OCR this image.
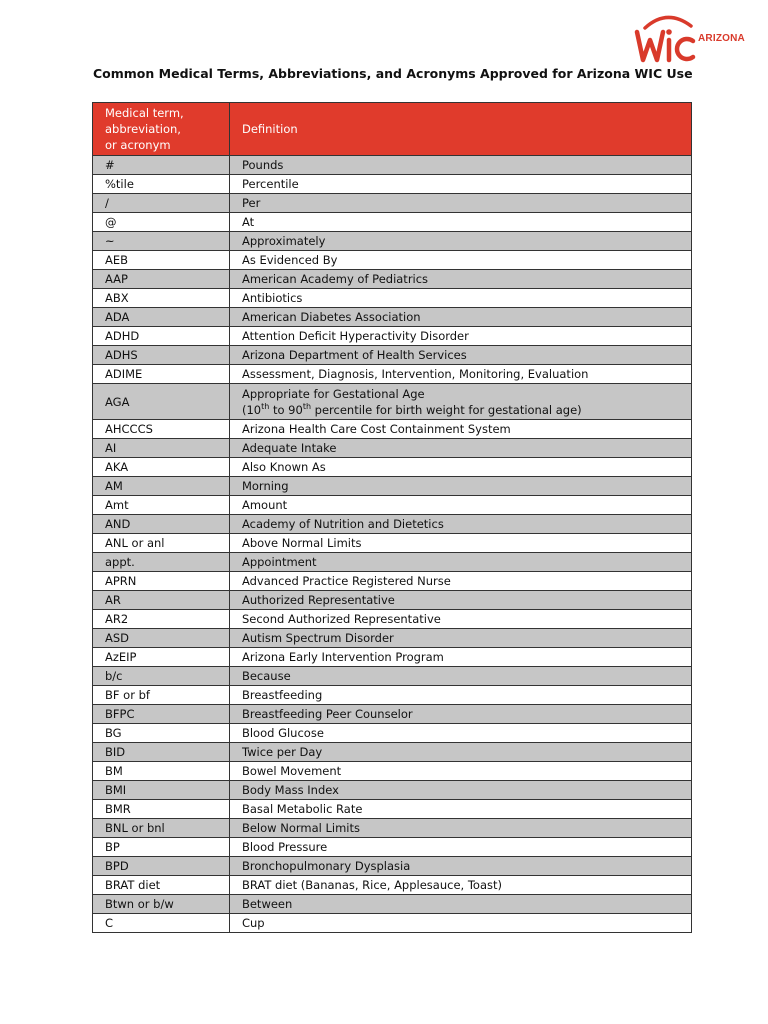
ARIZONA
Common Medical Terms, Abbreviations, and Acronyms Approved for Arizona WIC Use
Medical term, abbreviation, or acronym	Definition
#	Pounds
%tile	Percentile
/	Per
@	At
~	Approximately
AEB	As Evidenced By
AAP	American Academy of Pediatrics
ABX	Antibiotics
ADA	American Diabetes Association
ADHD	Attention Deficit Hyperactivity Disorder
ADHS	Arizona Department of Health Services
ADIME	Assessment, Diagnosis, Intervention, Monitoring, Evaluation
AGA	Appropriate for Gestational Age
(10th to 90th percentile for birth weight for gestational age)

AHCCCS	Arizona Health Care Cost Containment System
AI	Adequate Intake
AKA	Also Known As
AM	Morning
Amt	Amount
AND	Academy of Nutrition and Dietetics
ANL or anl	Above Normal Limits
appt.	Appointment
APRN	Advanced Practice Registered Nurse
AR	Authorized Representative
AR2	Second Authorized Representative
ASD	Autism Spectrum Disorder
AzEIP	Arizona Early Intervention Program
b/c	Because
BF or bf	Breastfeeding
BFPC	Breastfeeding Peer Counselor
BG	Blood Glucose
BID	Twice per Day
BM	Bowel Movement
BMI	Body Mass Index
BMR	Basal Metabolic Rate
BNL or bnl	Below Normal Limits
BP	Blood Pressure
BPD	Bronchopulmonary Dysplasia
BRAT diet	BRAT diet (Bananas, Rice, Applesauce, Toast)
Btwn or b/w	Between
C	Cup
